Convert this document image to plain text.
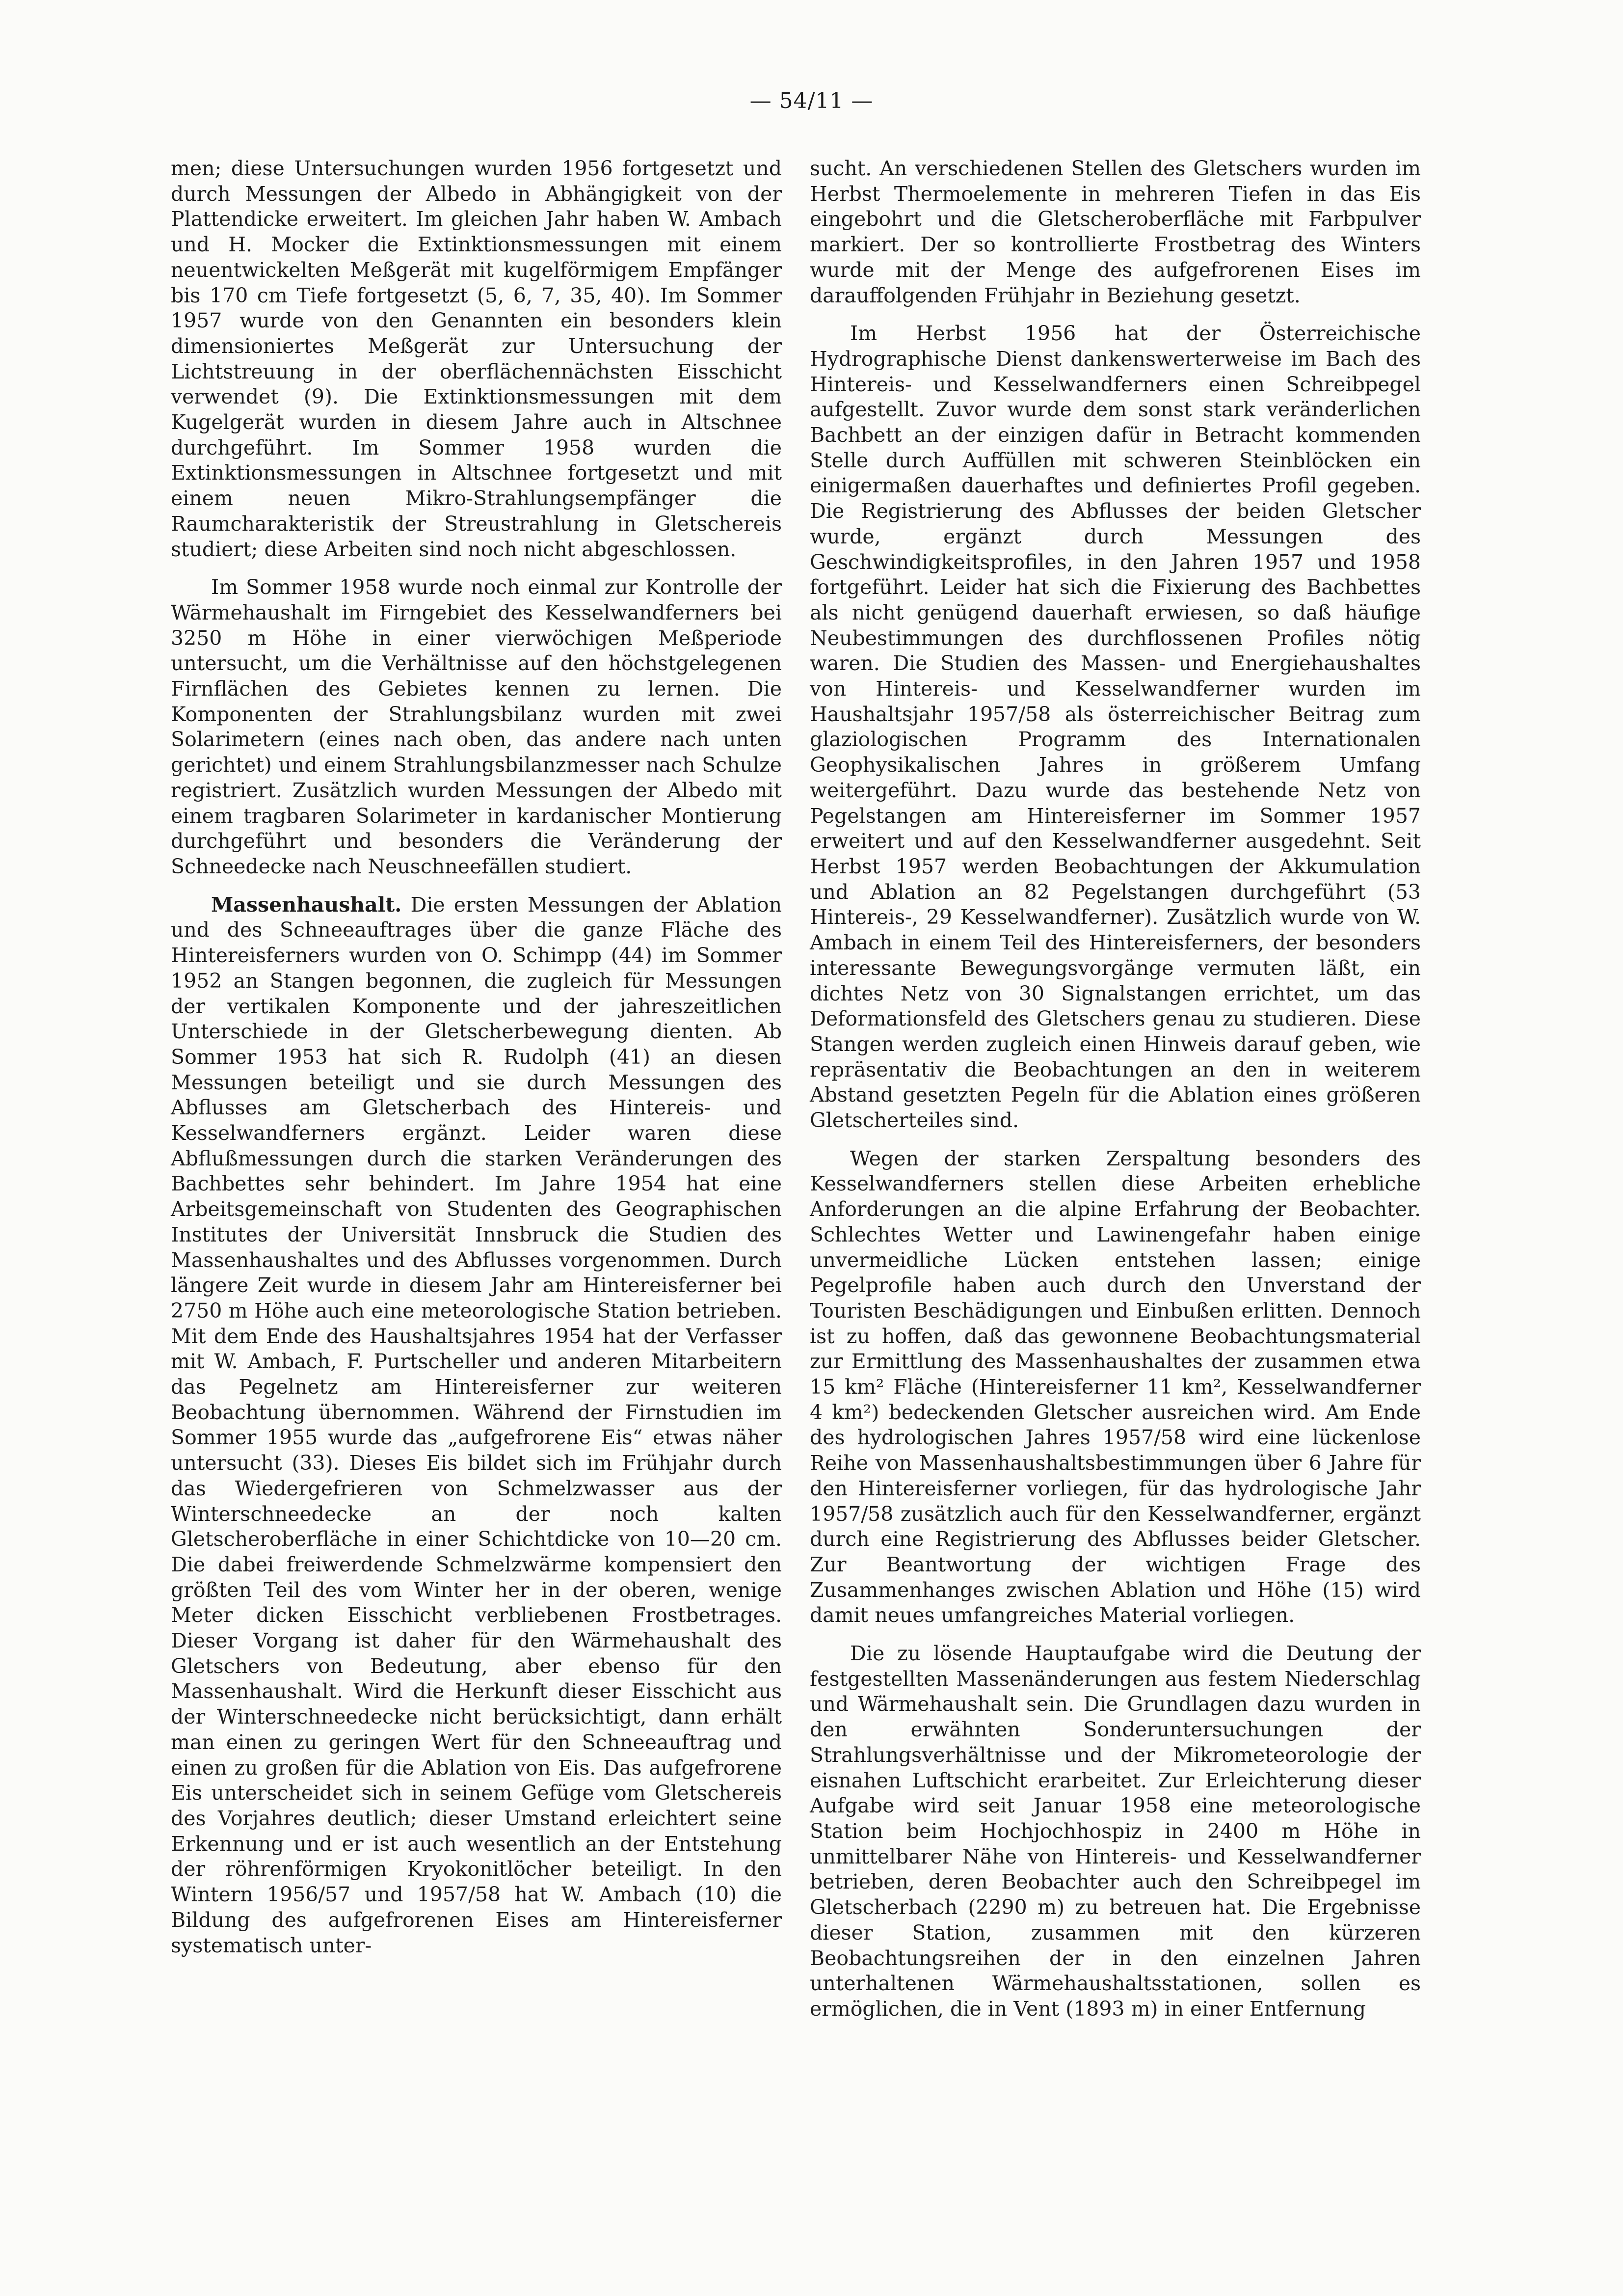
— 54/11 —

men; diese Untersuchungen wurden 1956 fortgesetzt und durch Messungen der Albedo in Abhängigkeit von der Plattendicke erweitert. Im gleichen Jahr haben W. Ambach und H. Mocker die Extinktionsmessungen mit einem neuentwickelten Meßgerät mit kugelförmigem Empfänger bis 170 cm Tiefe fortgesetzt (5, 6, 7, 35, 40). Im Sommer 1957 wurde von den Genannten ein besonders klein dimensioniertes Meßgerät zur Untersuchung der Lichtstreuung in der oberflächennächsten Eisschicht verwendet (9). Die Extinktionsmessungen mit dem Kugelgerät wurden in diesem Jahre auch in Altschnee durchgeführt. Im Sommer 1958 wurden die Extinktionsmessungen in Altschnee fortgesetzt und mit einem neuen Mikro-Strahlungsempfänger die Raumcharakteristik der Streustrahlung in Gletschereis studiert; diese Arbeiten sind noch nicht abgeschlossen.

Im Sommer 1958 wurde noch einmal zur Kontrolle der Wärmehaushalt im Firngebiet des Kesselwandferners bei 3250 m Höhe in einer vierwöchigen Meßperiode untersucht, um die Verhältnisse auf den höchstgelegenen Firnflächen des Gebietes kennen zu lernen. Die Komponenten der Strahlungsbilanz wurden mit zwei Solarimetern (eines nach oben, das andere nach unten gerichtet) und einem Strahlungsbilanzmesser nach Schulze registriert. Zusätzlich wurden Messungen der Albedo mit einem tragbaren Solarimeter in kardanischer Montierung durchgeführt und besonders die Veränderung der Schneedecke nach Neuschneefällen studiert.

Massenhaushalt. Die ersten Messungen der Ablation und des Schneeauftrages über die ganze Fläche des Hintereisferners wurden von O. Schimpp (44) im Sommer 1952 an Stangen begonnen, die zugleich für Messungen der vertikalen Komponente und der jahreszeitlichen Unterschiede in der Gletscherbewegung dienten. Ab Sommer 1953 hat sich R. Rudolph (41) an diesen Messungen beteiligt und sie durch Messungen des Abflusses am Gletscherbach des Hintereis- und Kesselwandferners ergänzt. Leider waren diese Abflußmessungen durch die starken Veränderungen des Bachbettes sehr behindert. Im Jahre 1954 hat eine Arbeitsgemeinschaft von Studenten des Geographischen Institutes der Universität Innsbruck die Studien des Massenhaushaltes und des Abflusses vorgenommen. Durch längere Zeit wurde in diesem Jahr am Hintereisferner bei 2750 m Höhe auch eine meteorologische Station betrieben. Mit dem Ende des Haushaltsjahres 1954 hat der Verfasser mit W. Ambach, F. Purtscheller und anderen Mitarbeitern das Pegelnetz am Hintereisferner zur weiteren Beobachtung übernommen. Während der Firnstudien im Sommer 1955 wurde das „aufgefrorene Eis“ etwas näher untersucht (33). Dieses Eis bildet sich im Frühjahr durch das Wiedergefrieren von Schmelzwasser aus der Winterschneedecke an der noch kalten Gletscheroberfläche in einer Schichtdicke von 10—20 cm. Die dabei freiwerdende Schmelzwärme kompensiert den größten Teil des vom Winter her in der oberen, wenige Meter dicken Eisschicht verbliebenen Frostbetrages. Dieser Vorgang ist daher für den Wärmehaushalt des Gletschers von Bedeutung, aber ebenso für den Massenhaushalt. Wird die Herkunft dieser Eisschicht aus der Winterschneedecke nicht berücksichtigt, dann erhält man einen zu geringen Wert für den Schneeauftrag und einen zu großen für die Ablation von Eis. Das aufgefrorene Eis unterscheidet sich in seinem Gefüge vom Gletschereis des Vorjahres deutlich; dieser Umstand erleichtert seine Erkennung und er ist auch wesentlich an der Entstehung der röhrenförmigen Kryokonitlöcher beteiligt. In den Wintern 1956/57 und 1957/58 hat W. Ambach (10) die Bildung des aufgefrorenen Eises am Hintereisferner systematisch unter-

sucht. An verschiedenen Stellen des Gletschers wurden im Herbst Thermoelemente in mehreren Tiefen in das Eis eingebohrt und die Gletscheroberfläche mit Farbpulver markiert. Der so kontrollierte Frostbetrag des Winters wurde mit der Menge des aufgefrorenen Eises im darauffolgenden Frühjahr in Beziehung gesetzt.

Im Herbst 1956 hat der Österreichische Hydrographische Dienst dankenswerterweise im Bach des Hintereis- und Kesselwandferners einen Schreibpegel aufgestellt. Zuvor wurde dem sonst stark veränderlichen Bachbett an der einzigen dafür in Betracht kommenden Stelle durch Auffüllen mit schweren Steinblöcken ein einigermaßen dauerhaftes und definiertes Profil gegeben. Die Registrierung des Abflusses der beiden Gletscher wurde, ergänzt durch Messungen des Geschwindigkeitsprofiles, in den Jahren 1957 und 1958 fortgeführt. Leider hat sich die Fixierung des Bachbettes als nicht genügend dauerhaft erwiesen, so daß häufige Neubestimmungen des durchflossenen Profiles nötig waren. Die Studien des Massen- und Energiehaushaltes von Hintereis- und Kesselwandferner wurden im Haushaltsjahr 1957/58 als österreichischer Beitrag zum glaziologischen Programm des Internationalen Geophysikalischen Jahres in größerem Umfang weitergeführt. Dazu wurde das bestehende Netz von Pegelstangen am Hintereisferner im Sommer 1957 erweitert und auf den Kesselwandferner ausgedehnt. Seit Herbst 1957 werden Beobachtungen der Akkumulation und Ablation an 82 Pegelstangen durchgeführt (53 Hintereis-, 29 Kesselwandferner). Zusätzlich wurde von W. Ambach in einem Teil des Hintereisferners, der besonders interessante Bewegungsvorgänge vermuten läßt, ein dichtes Netz von 30 Signalstangen errichtet, um das Deformationsfeld des Gletschers genau zu studieren. Diese Stangen werden zugleich einen Hinweis darauf geben, wie repräsentativ die Beobachtungen an den in weiterem Abstand gesetzten Pegeln für die Ablation eines größeren Gletscherteiles sind.

Wegen der starken Zerspaltung besonders des Kesselwandferners stellen diese Arbeiten erhebliche Anforderungen an die alpine Erfahrung der Beobachter. Schlechtes Wetter und Lawinengefahr haben einige unvermeidliche Lücken entstehen lassen; einige Pegelprofile haben auch durch den Unverstand der Touristen Beschädigungen und Einbußen erlitten. Dennoch ist zu hoffen, daß das gewonnene Beobachtungsmaterial zur Ermittlung des Massenhaushaltes der zusammen etwa 15 km² Fläche (Hintereisferner 11 km², Kesselwandferner 4 km²) bedeckenden Gletscher ausreichen wird. Am Ende des hydrologischen Jahres 1957/58 wird eine lückenlose Reihe von Massenhaushaltsbestimmungen über 6 Jahre für den Hintereisferner vorliegen, für das hydrologische Jahr 1957/58 zusätzlich auch für den Kesselwandferner, ergänzt durch eine Registrierung des Abflusses beider Gletscher. Zur Beantwortung der wichtigen Frage des Zusammenhanges zwischen Ablation und Höhe (15) wird damit neues umfangreiches Material vorliegen.

Die zu lösende Hauptaufgabe wird die Deutung der festgestellten Massenänderungen aus festem Niederschlag und Wärmehaushalt sein. Die Grundlagen dazu wurden in den erwähnten Sonderuntersuchungen der Strahlungsverhältnisse und der Mikrometeorologie der eisnahen Luftschicht erarbeitet. Zur Erleichterung dieser Aufgabe wird seit Januar 1958 eine meteorologische Station beim Hochjochhospiz in 2400 m Höhe in unmittelbarer Nähe von Hintereis- und Kesselwandferner betrieben, deren Beobachter auch den Schreibpegel im Gletscherbach (2290 m) zu betreuen hat. Die Ergebnisse dieser Station, zusammen mit den kürzeren Beobachtungsreihen der in den einzelnen Jahren unterhaltenen Wärmehaushaltsstationen, sollen es ermöglichen, die in Vent (1893 m) in einer Entfernung
